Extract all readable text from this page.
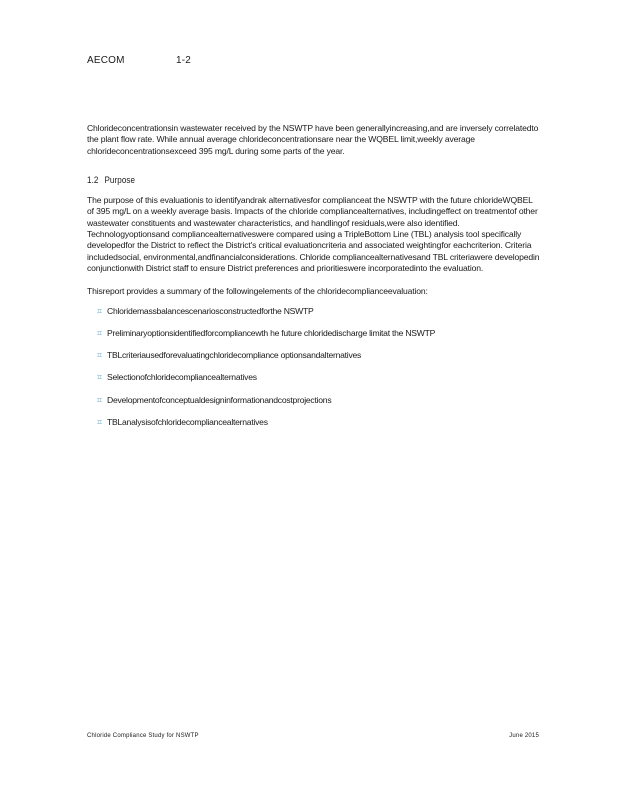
AECOM	1-2

Chlorideconcentrationsin wastewater received by the NSWTP have been generallyincreasing,and are inversely correlatedto the plant flow rate. While annual average chlorideconcentrationsare near the WQBEL limit,weekly average chlorideconcentrationsexceed 395 mg/L during some parts of the year.

1.2 Purpose

The purpose of this evaluationis to identifyandrak alternativesfor compliancеat the NSWTP with the future chlorideWQBEL of 395 mg/L on a weekly average basis. Impacts of the chloride compliancealternatives, includingeffect on treatmentof other wastewater constituents and wastewater characteristics, and handlingof residuals,were also identified. Technologyoptionsand compliancealternativeswere compared using a TripleBottom Line (TBL) analysis tool specifically developedfor the District to reflect the District's critical evaluationcriteria and associated weightingfor eachcriterion. Criteria includedsocial, environmental,andfinancialconsiderations. Chloride compliancealternativesand TBL criteriawere developedin conjunctionwith District staff to ensure District preferences and prioritieswere incorporatedinto the evaluation.

Thisreport provides a summary of the followingelements of the chloridecomplianceevaluation:

⌗ Chloridemassbalancescenariosconstructedforthe NSWTP
⌗ Preliminaryoptionsidentifiedforcompliancewth he future chloridedischarge limitat the NSWTP
⌗ TBLcriteriausedforevaluatingchloridecompliance optionsandalternatives
⌗ Selectionofchloridecompliancealternatives
⌗ Developmentofconceptualdesigninformationandcostprojections
⌗ TBLanalysisofchloridecompliancealternatives
Chloride Compliance Study for NSWTP	June 2015
